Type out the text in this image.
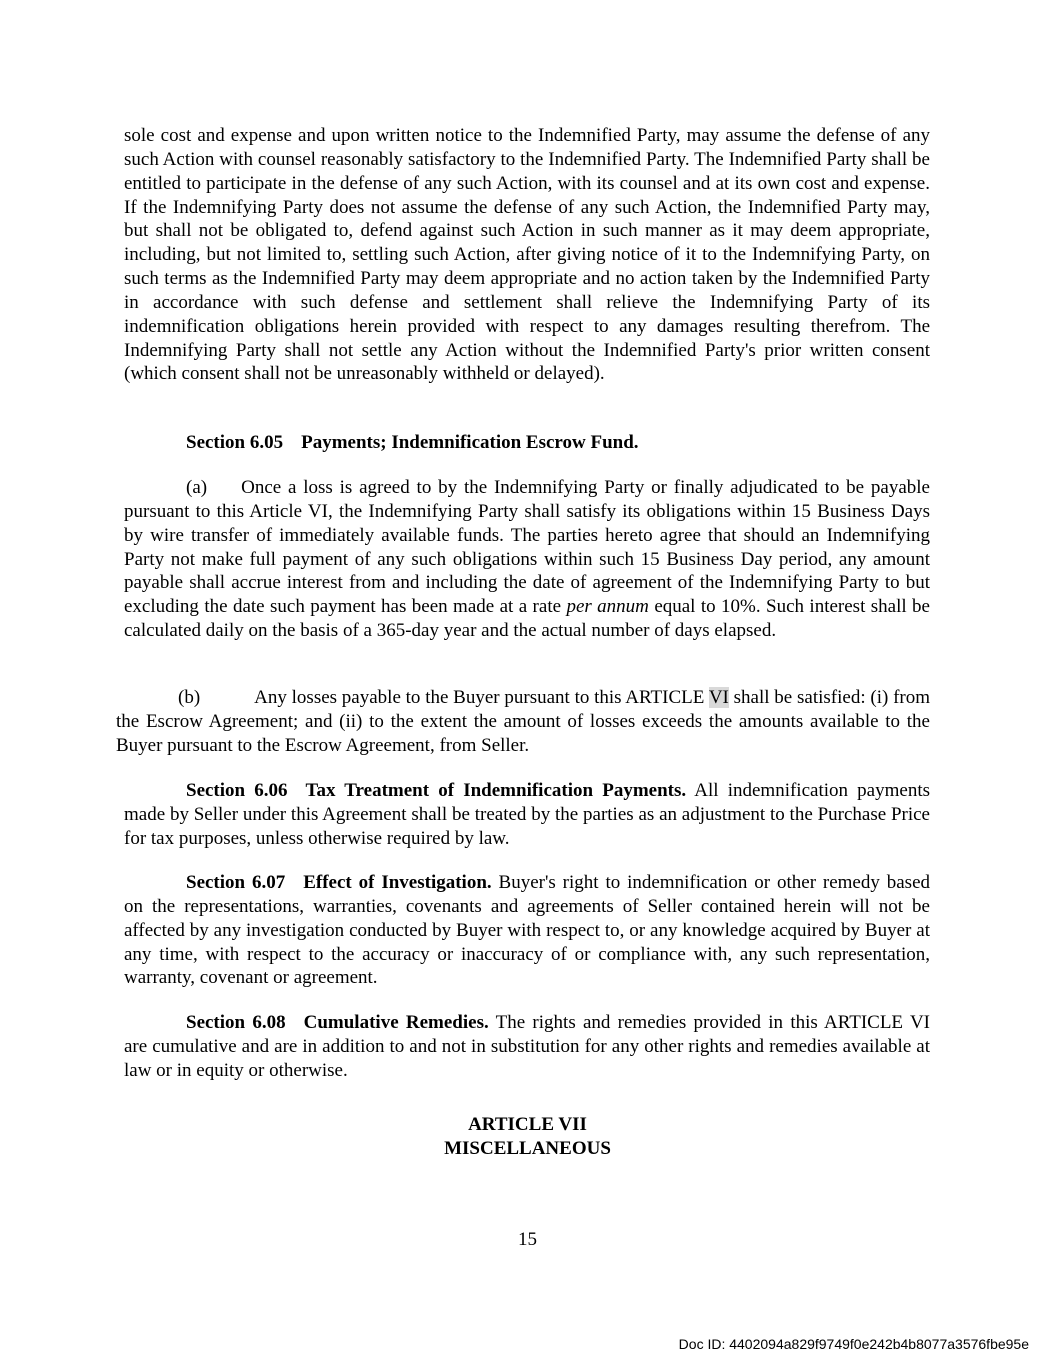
sole cost and expense and upon written notice to the Indemnified Party, may assume the defense of any such Action with counsel reasonably satisfactory to the Indemnified Party. The Indemnified Party shall be entitled to participate in the defense of any such Action, with its counsel and at its own cost and expense. If the Indemnifying Party does not assume the defense of any such Action, the Indemnified Party may, but shall not be obligated to, defend against such Action in such manner as it may deem appropriate, including, but not limited to, settling such Action, after giving notice of it to the Indemnifying Party, on such terms as the Indemnified Party may deem appropriate and no action taken by the Indemnified Party in accordance with such defense and settlement shall relieve the Indemnifying Party of its indemnification obligations herein provided with respect to any damages resulting therefrom. The Indemnifying Party shall not settle any Action without the Indemnified Party's prior written consent (which consent shall not be unreasonably withheld or delayed).

Section 6.05 Payments; Indemnification Escrow Fund.

(a) Once a loss is agreed to by the Indemnifying Party or finally adjudicated to be payable pursuant to this Article VI, the Indemnifying Party shall satisfy its obligations within 15 Business Days by wire transfer of immediately available funds. The parties hereto agree that should an Indemnifying Party not make full payment of any such obligations within such 15 Business Day period, any amount payable shall accrue interest from and including the date of agreement of the Indemnifying Party to but excluding the date such payment has been made at a rate per annum equal to 10%. Such interest shall be calculated daily on the basis of a 365-day year and the actual number of days elapsed.

(b)	Any losses payable to the Buyer pursuant to this ARTICLE VI shall be satisfied: (i) from the Escrow Agreement; and (ii) to the extent the amount of losses exceeds the amounts available to the Buyer pursuant to the Escrow Agreement, from Seller.

Section 6.06 Tax Treatment of Indemnification Payments. All indemnification payments made by Seller under this Agreement shall be treated by the parties as an adjustment to the Purchase Price for tax purposes, unless otherwise required by law.

Section 6.07 Effect of Investigation. Buyer's right to indemnification or other remedy based on the representations, warranties, covenants and agreements of Seller contained herein will not be affected by any investigation conducted by Buyer with respect to, or any knowledge acquired by Buyer at any time, with respect to the accuracy or inaccuracy of or compliance with, any such representation, warranty, covenant or agreement.

Section 6.08 Cumulative Remedies. The rights and remedies provided in this ARTICLE VI are cumulative and are in addition to and not in substitution for any other rights and remedies available at law or in equity or otherwise.

ARTICLE VII

MISCELLANEOUS

15
Doc ID: 4402094a829f9749f0e242b4b8077a3576fbe95e
